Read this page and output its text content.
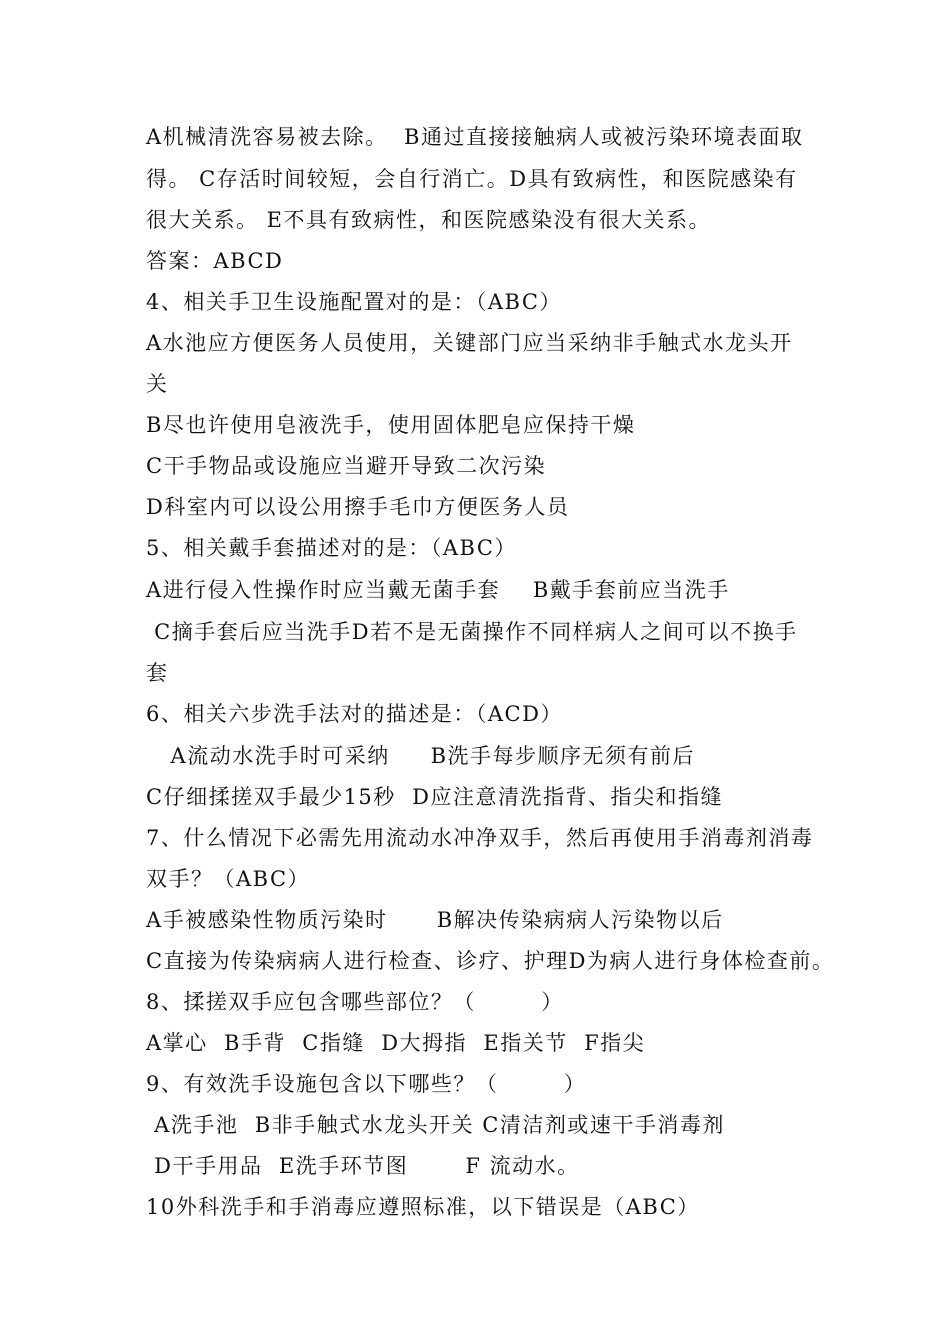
A机械清洗容易被去除。  B通过直接接触病人或被污染环境表面取
得。 C存活时间较短，会自行消亡。D具有致病性，和医院感染有
很大关系。 E不具有致病性，和医院感染没有很大关系。
答案：ABCD
4、相关手卫生设施配置对的是：（ABC）
A水池应方便医务人员使用，关键部门应当采纳非手触式水龙头开
关
B尽也许使用皂液洗手，使用固体肥皂应保持干燥
C干手物品或设施应当避开导致二次污染
D科室内可以设公用擦手毛巾方便医务人员
5、相关戴手套描述对的是：（ABC）
A进行侵入性操作时应当戴无菌手套    B戴手套前应当洗手
C摘手套后应当洗手D若不是无菌操作不同样病人之间可以不换手
套
6、相关六步洗手法对的描述是：（ACD）
A流动水洗手时可采纳     B洗手每步顺序无须有前后
C仔细揉搓双手最少15秒  D应注意清洗指背、指尖和指缝
7、什么情况下必需先用流动水冲净双手，然后再使用手消毒剂消毒
双手？（ABC）
A手被感染性物质污染时      B解决传染病病人污染物以后
C直接为传染病病人进行检查、诊疗、护理D为病人进行身体检查前。
8、揉搓双手应包含哪些部位？（        ）
A掌心  B手背  C指缝  D大拇指  E指关节  F指尖
9、有效洗手设施包含以下哪些？（        ）
A洗手池  B非手触式水龙头开关 C清洁剂或速干手消毒剂
D干手用品  E洗手环节图       F 流动水。
10外科洗手和手消毒应遵照标准，以下错误是（ABC）
